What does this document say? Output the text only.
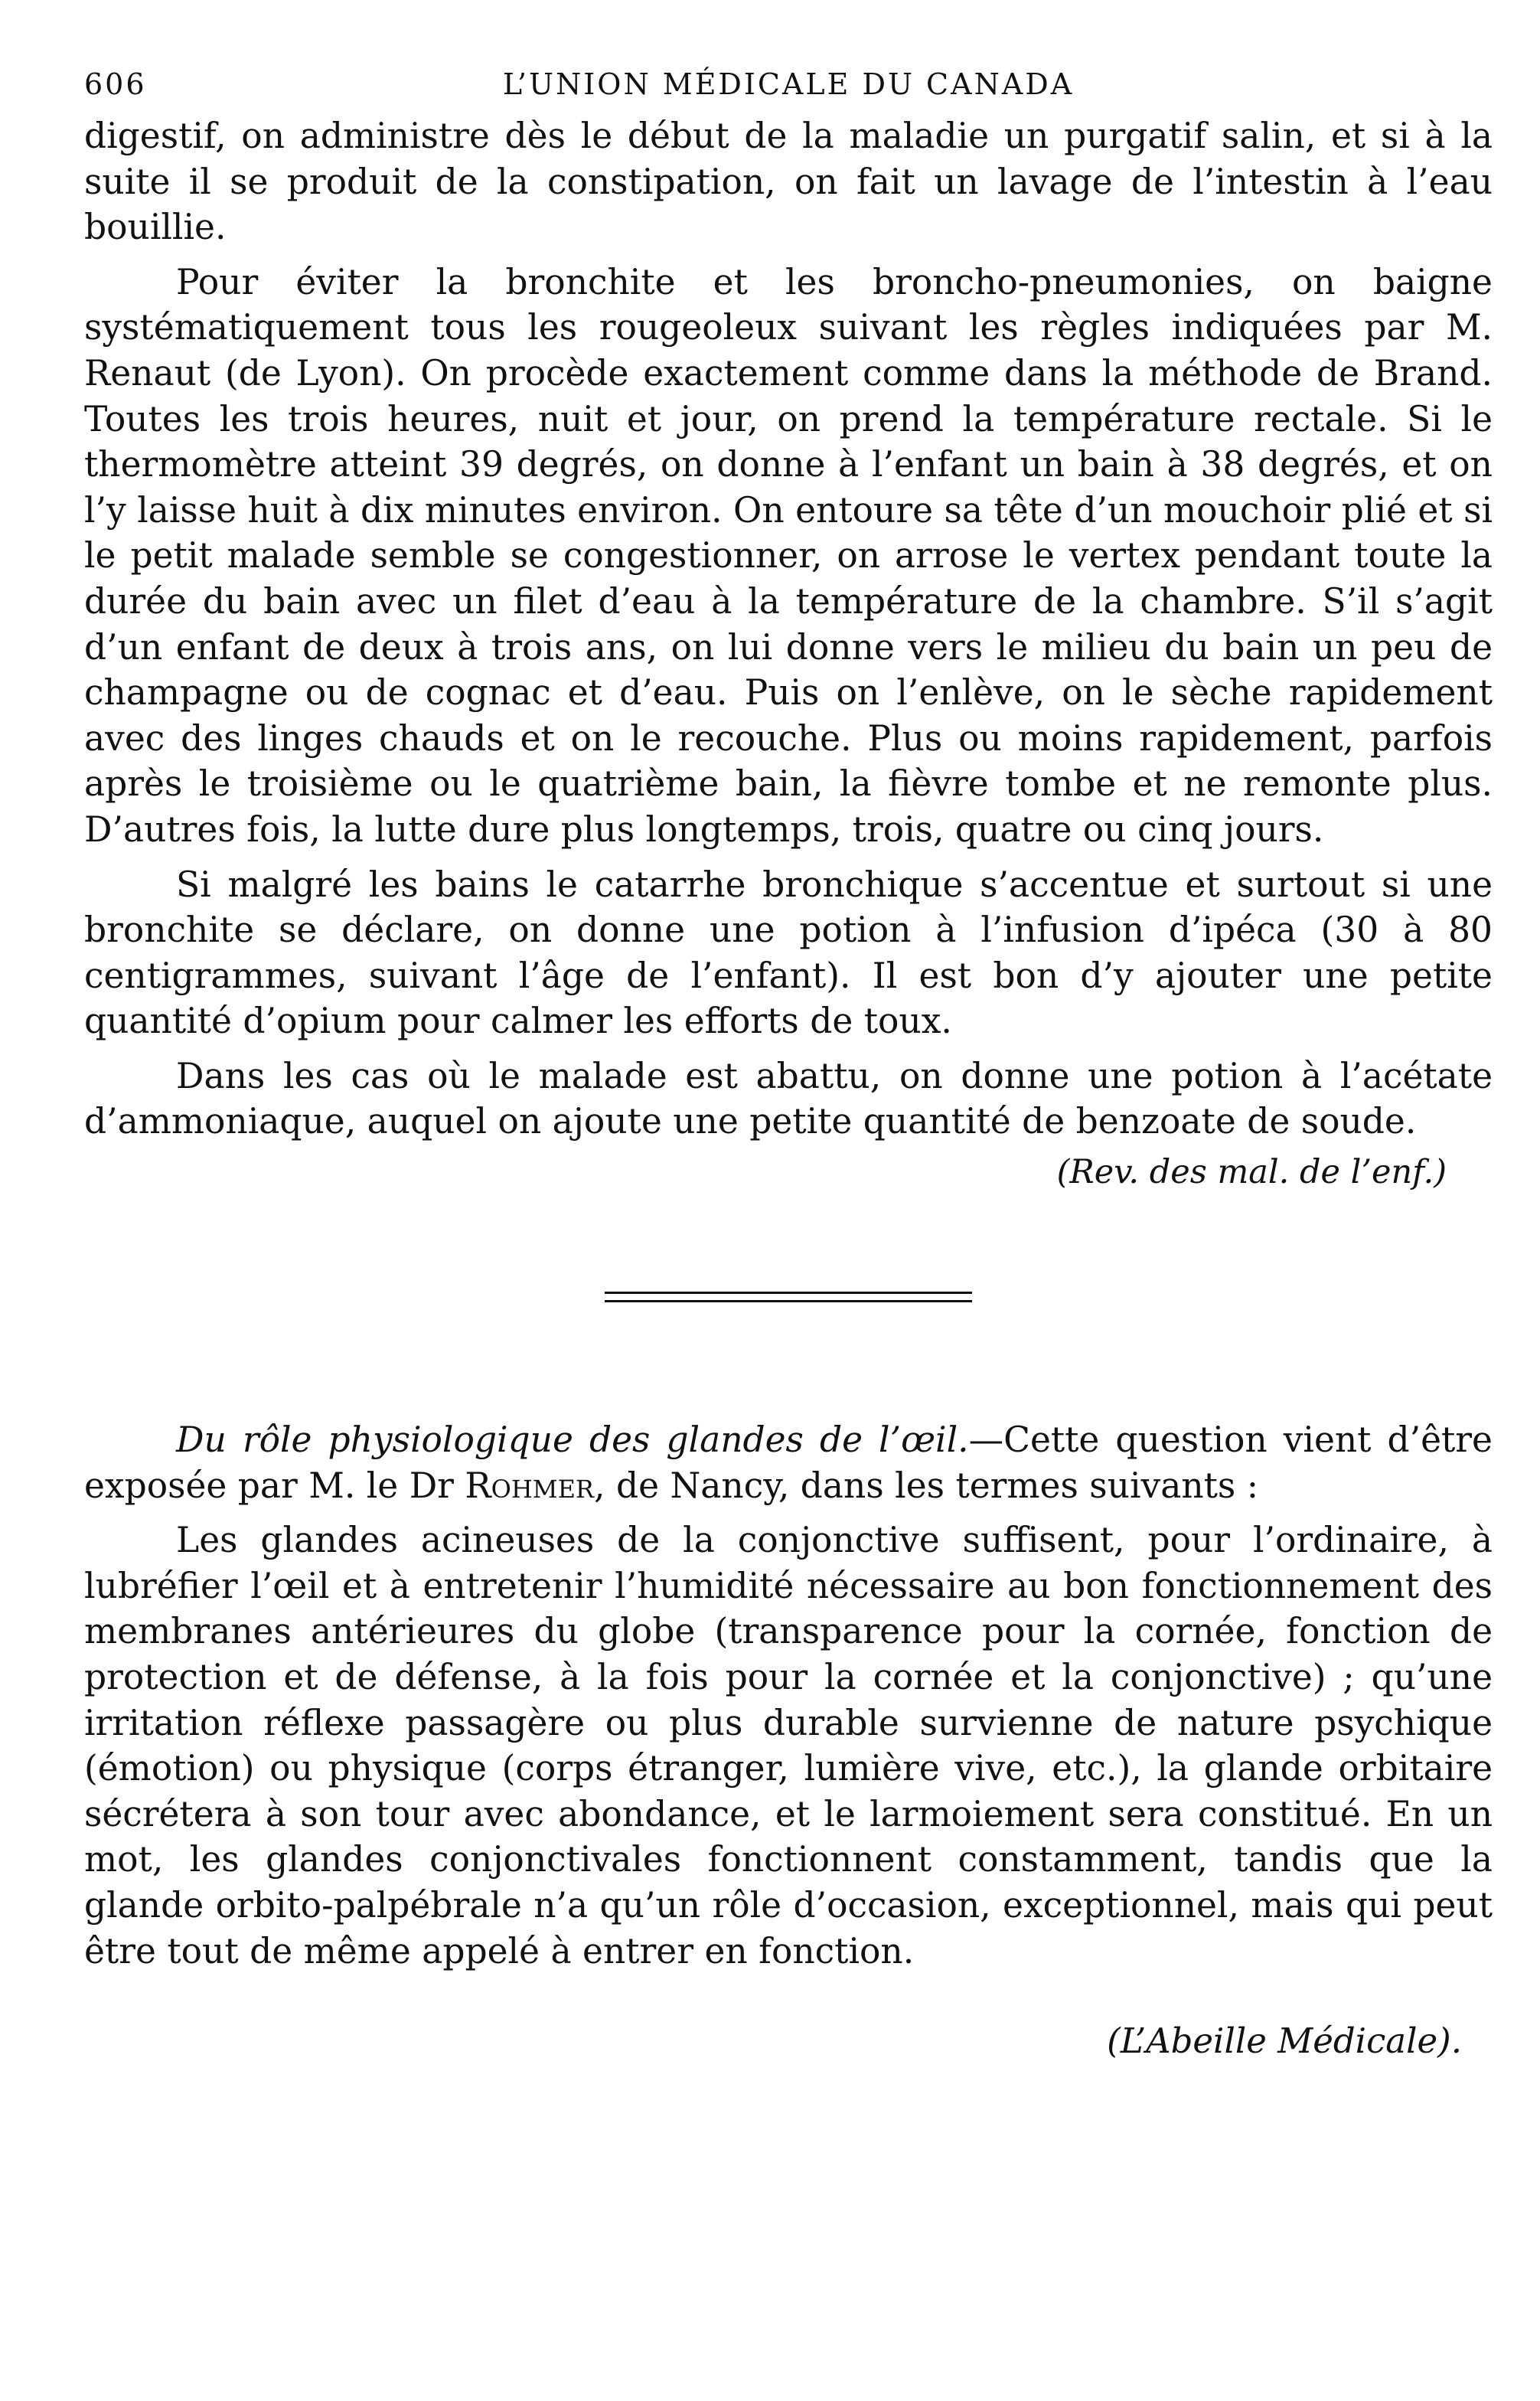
606	L’UNION MÉDICALE DU CANADA

digestif, on administre dès le début de la maladie un purgatif salin, et si à la suite il se produit de la constipation, on fait un lavage de l’intestin à l’eau bouillie.

Pour éviter la bronchite et les broncho-pneumonies, on baigne systématiquement tous les rougeoleux suivant les règles indiquées par M. Renaut (de Lyon). On procède exactement comme dans la méthode de Brand. Toutes les trois heures, nuit et jour, on prend la température rectale. Si le thermomètre atteint 39 degrés, on donne à l’enfant un bain à 38 degrés, et on l’y laisse huit à dix minutes environ. On entoure sa tête d’un mouchoir plié et si le petit malade semble se congestionner, on arrose le vertex pendant toute la durée du bain avec un filet d’eau à la température de la chambre. S’il s’agit d’un enfant de deux à trois ans, on lui donne vers le milieu du bain un peu de champagne ou de cognac et d’eau. Puis on l’enlève, on le sèche rapidement avec des linges chauds et on le recouche. Plus ou moins rapidement, parfois après le troisième ou le quatrième bain, la fièvre tombe et ne remonte plus. D’autres fois, la lutte dure plus longtemps, trois, quatre ou cinq jours.

Si malgré les bains le catarrhe bronchique s’accentue et surtout si une bronchite se déclare, on donne une potion à l’infusion d’ipéca (30 à 80 centigrammes, suivant l’âge de l’enfant). Il est bon d’y ajouter une petite quantité d’opium pour calmer les efforts de toux.

Dans les cas où le malade est abattu, on donne une potion à l’acétate d’ammoniaque, auquel on ajoute une petite quantité de benzoate de soude.

(Rev. des mal. de l’enf.)

Du rôle physiologique des glandes de l’œil.—Cette question vient d’être exposée par M. le Dr Rohmer, de Nancy, dans les termes suivants :

Les glandes acineuses de la conjonctive suffisent, pour l’ordinaire, à lubréfier l’œil et à entretenir l’humidité nécessaire au bon fonctionnement des membranes antérieures du globe (transparence pour la cornée, fonction de protection et de défense, à la fois pour la cornée et la conjonctive) ; qu’une irritation réflexe passagère ou plus durable survienne de nature psychique (émotion) ou physique (corps étranger, lumière vive, etc.), la glande orbitaire sécrétera à son tour avec abondance, et le larmoiement sera constitué. En un mot, les glandes conjonctivales fonctionnent constamment, tandis que la glande orbito-palpébrale n’a qu’un rôle d’occasion, exceptionnel, mais qui peut être tout de même appelé à entrer en fonction.

(L’Abeille Médicale).
